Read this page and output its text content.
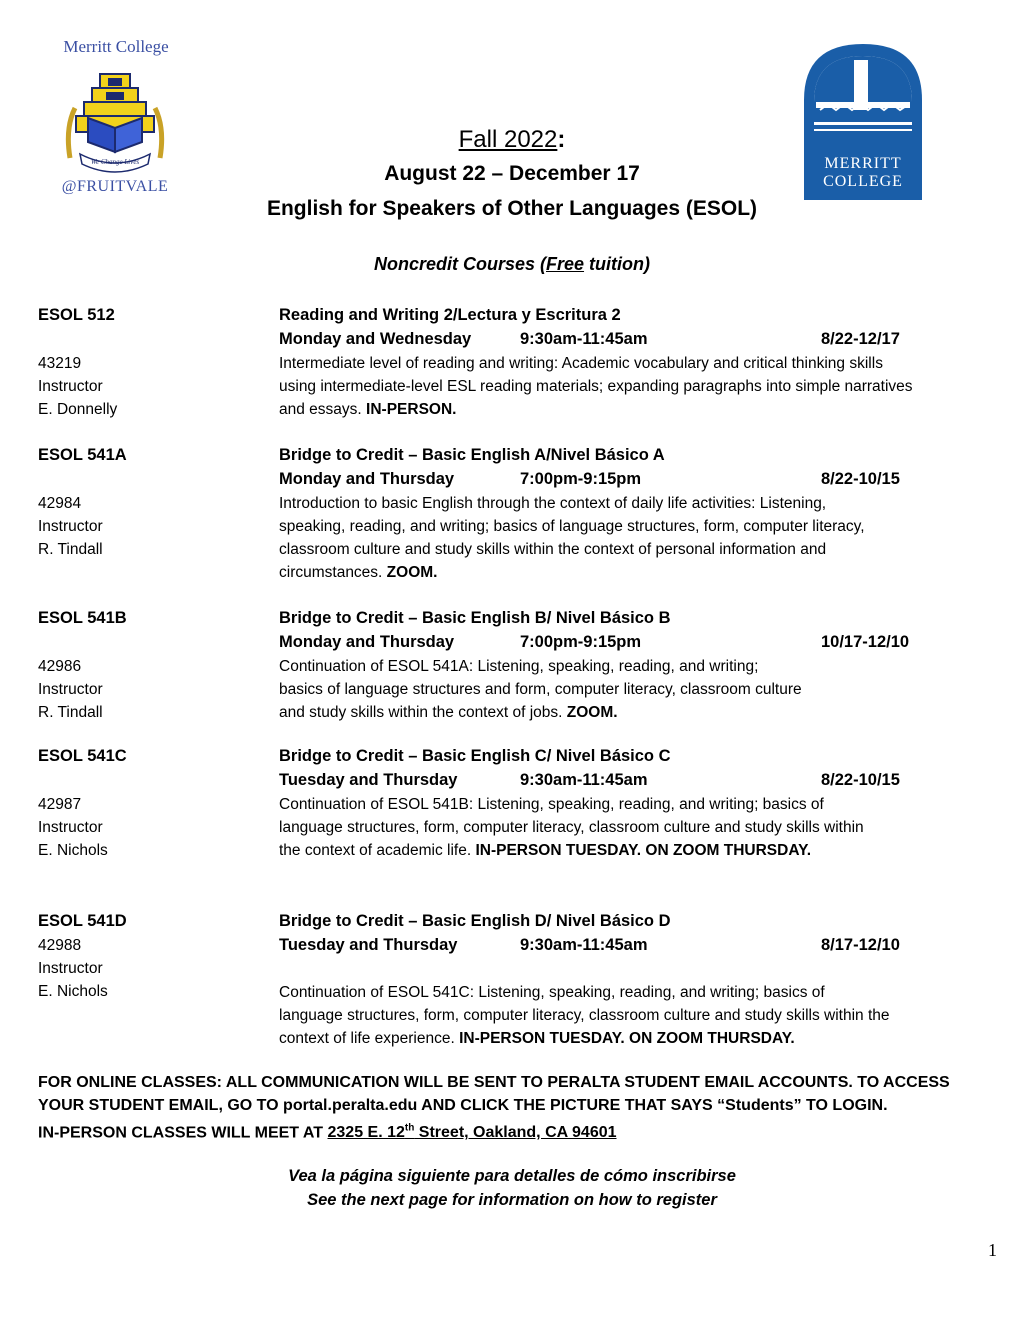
Merritt College
We Change Lives
@FRUITVALE
MERRITT
COLLEGE
Fall 2022:
August 22 – December 17
English for Speakers of Other Languages (ESOL)
Noncredit Courses (Free tuition)
ESOL 512
43219
Instructor
E. Donnelly
Reading and Writing 2/Lectura y Escritura 2
Monday and Wednesday	9:30am-11:45am	8/22-12/17
Intermediate level of reading and writing: Academic vocabulary and critical thinking skills
using intermediate-level ESL reading materials; expanding paragraphs into simple narratives
and essays. IN-PERSON.
ESOL 541A
42984
Instructor
R. Tindall
Bridge to Credit – Basic English A/Nivel Básico A
Monday and Thursday	7:00pm-9:15pm	8/22-10/15
Introduction to basic English through the context of daily life activities: Listening,
speaking, reading, and writing; basics of language structures, form, computer literacy,
classroom culture and study skills within the context of personal information and
circumstances. ZOOM.
ESOL 541B
42986
Instructor
R. Tindall
Bridge to Credit – Basic English B/ Nivel Básico B
Monday and Thursday	7:00pm-9:15pm	10/17-12/10
Continuation of ESOL 541A: Listening, speaking, reading, and writing;
basics of language structures and form, computer literacy, classroom culture
and study skills within the context of jobs. ZOOM.
ESOL 541C
42987
Instructor
E. Nichols
Bridge to Credit – Basic English C/ Nivel Básico C
Tuesday and Thursday	9:30am-11:45am	8/22-10/15
Continuation of ESOL 541B: Listening, speaking, reading, and writing; basics of
language structures, form, computer literacy, classroom culture and study skills within
the context of academic life. IN-PERSON TUESDAY. ON ZOOM THURSDAY.
ESOL 541D
42988
Instructor
E. Nichols
Bridge to Credit – Basic English D/ Nivel Básico D
Tuesday and Thursday	9:30am-11:45am	8/17-12/10
Continuation of ESOL 541C: Listening, speaking, reading, and writing; basics of
language structures, form, computer literacy, classroom culture and study skills within the
context of life experience. IN-PERSON TUESDAY. ON ZOOM THURSDAY.
FOR ONLINE CLASSES: ALL COMMUNICATION WILL BE SENT TO PERALTA STUDENT EMAIL ACCOUNTS. TO ACCESS
YOUR STUDENT EMAIL, GO TO portal.peralta.edu AND CLICK THE PICTURE THAT SAYS “Students” TO LOGIN.
IN-PERSON CLASSES WILL MEET AT 2325 E. 12th Street, Oakland, CA 94601
Vea la página siguiente para detalles de cómo inscribirse
See the next page for information on how to register
1
